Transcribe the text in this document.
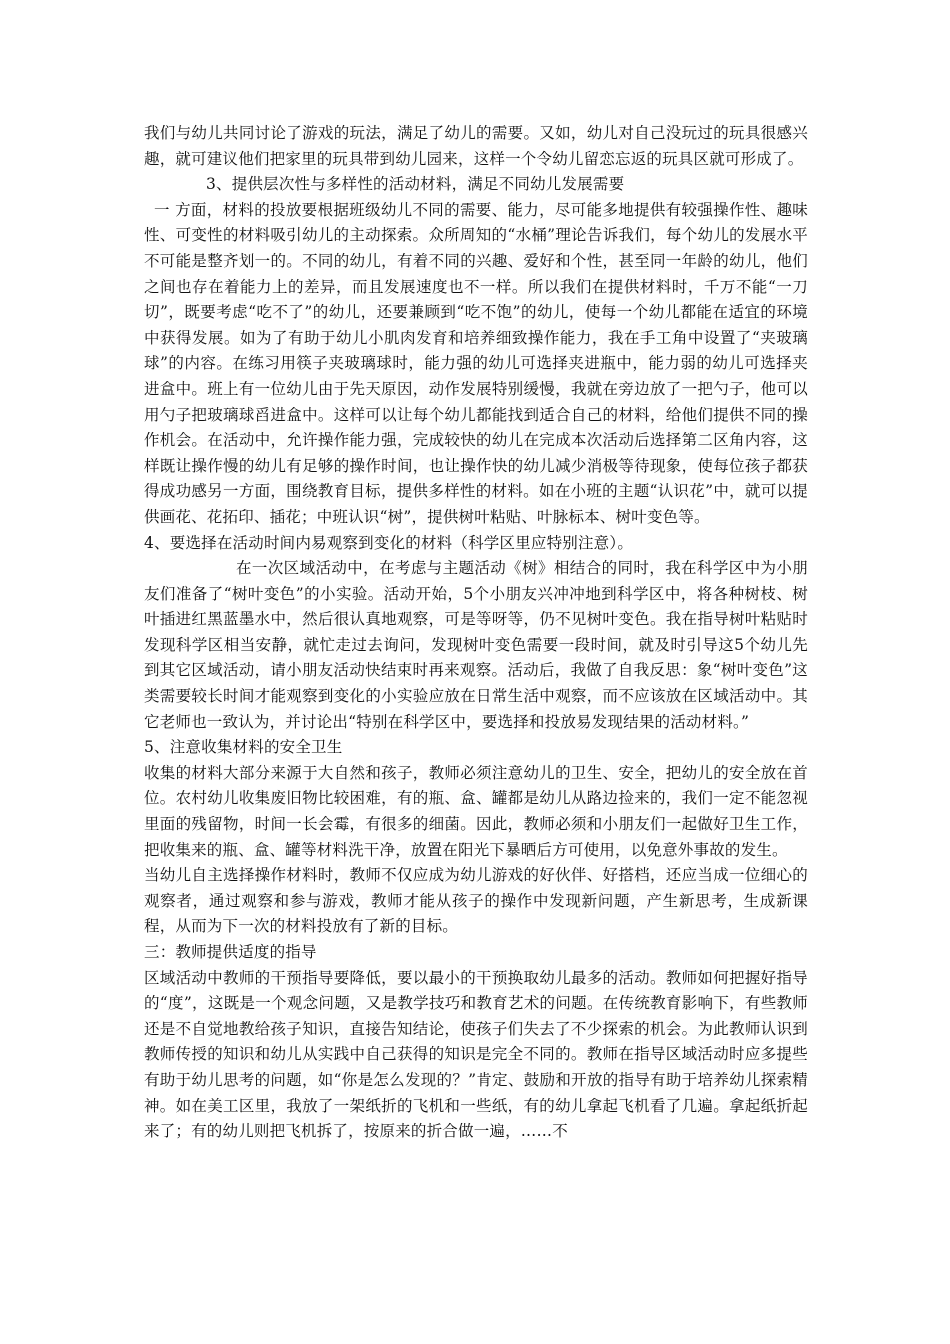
我们与幼儿共同讨论了游戏的玩法，满足了幼儿的需要。又如，幼儿对自己没玩过的玩具很感兴趣，就可建议他们把家里的玩具带到幼儿园来，这样一个令幼儿留恋忘返的玩具区就可形成了。

3、提供层次性与多样性的活动材料，满足不同幼儿发展需要

一 方面，材料的投放要根据班级幼儿不同的需要、能力，尽可能多地提供有较强操作性、趣味性、可变性的材料吸引幼儿的主动探索。众所周知的“水桶”理论告诉我们，每个幼儿的发展水平不可能是整齐划一的。不同的幼儿，有着不同的兴趣、爱好和个性，甚至同一年龄的幼儿，他们之间也存在着能力上的差异，而且发展速度也不一样。所以我们在提供材料时，千万不能“一刀切”，既要考虑“吃不了”的幼儿，还要兼顾到“吃不饱”的幼儿，使每一个幼儿都能在适宜的环境中获得发展。如为了有助于幼儿小肌肉发育和培养细致操作能力，我在手工角中设置了“夹玻璃球”的内容。在练习用筷子夹玻璃球时，能力强的幼儿可选择夹进瓶中，能力弱的幼儿可选择夹进盒中。班上有一位幼儿由于先天原因，动作发展特别缓慢，我就在旁边放了一把勺子，他可以用勺子把玻璃球舀进盒中。这样可以让每个幼儿都能找到适合自己的材料，给他们提供不同的操作机会。在活动中，允许操作能力强，完成较快的幼儿在完成本次活动后选择第二区角内容，这样既让操作慢的幼儿有足够的操作时间，也让操作快的幼儿减少消极等待现象，使每位孩子都获得成功感另一方面，围绕教育目标，提供多样性的材料。如在小班的主题“认识花”中，就可以提供画花、花拓印、插花；中班认识“树”，提供树叶粘贴、叶脉标本、树叶变色等。

4、要选择在活动时间内易观察到变化的材料（科学区里应特别注意）。

在一次区域活动中，在考虑与主题活动《树》相结合的同时，我在科学区中为小朋友们准备了“树叶变色”的小实验。活动开始，5个小朋友兴冲冲地到科学区中，将各种树枝、树叶插进红黑蓝墨水中，然后很认真地观察，可是等呀等，仍不见树叶变色。我在指导树叶粘贴时发现科学区相当安静，就忙走过去询问，发现树叶变色需要一段时间，就及时引导这5个幼儿先到其它区域活动，请小朋友活动快结束时再来观察。活动后，我做了自我反思：象“树叶变色”这类需要较长时间才能观察到变化的小实验应放在日常生活中观察，而不应该放在区域活动中。其它老师也一致认为，并讨论出“特别在科学区中，要选择和投放易发现结果的活动材料。”

5、注意收集材料的安全卫生

收集的材料大部分来源于大自然和孩子，教师必须注意幼儿的卫生、安全，把幼儿的安全放在首位。农村幼儿收集废旧物比较困难，有的瓶、盒、罐都是幼儿从路边捡来的，我们一定不能忽视里面的残留物，时间一长会霉，有很多的细菌。因此，教师必须和小朋友们一起做好卫生工作，把收集来的瓶、盒、罐等材料洗干净，放置在阳光下暴晒后方可使用，以免意外事故的发生。

当幼儿自主选择操作材料时，教师不仅应成为幼儿游戏的好伙伴、好搭档，还应当成一位细心的观察者，通过观察和参与游戏，教师才能从孩子的操作中发现新问题，产生新思考，生成新课程，从而为下一次的材料投放有了新的目标。

三：教师提供适度的指导

区域活动中教师的干预指导要降低，要以最小的干预换取幼儿最多的活动。教师如何把握好指导的“度”，这既是一个观念问题，又是教学技巧和教育艺术的问题。在传统教育影响下，有些教师还是不自觉地教给孩子知识，直接告知结论，使孩子们失去了不少探索的机会。为此教师认识到教师传授的知识和幼儿从实践中自己获得的知识是完全不同的。教师在指导区域活动时应多提些有助于幼儿思考的问题，如“你是怎么发现的？”肯定、鼓励和开放的指导有助于培养幼儿探索精神。如在美工区里，我放了一架纸折的飞机和一些纸，有的幼儿拿起飞机看了几遍。拿起纸折起来了；有的幼儿则把飞机拆了，按原来的折合做一遍，……不
